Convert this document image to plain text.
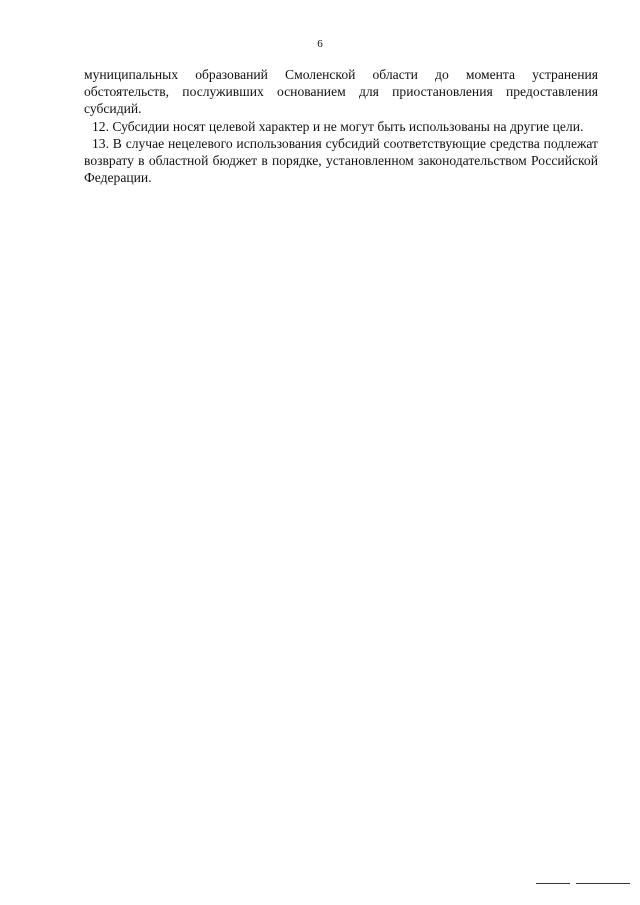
6

муниципальных образований Смоленской области до момента устранения обстоятельств, послуживших основанием для приостановления предоставления субсидий.

12. Субсидии носят целевой характер и не могут быть использованы на другие цели.

13. В случае нецелевого использования субсидий соответствующие средства подлежат возврату в областной бюджет в порядке, установленном законодательством Российской Федерации.
